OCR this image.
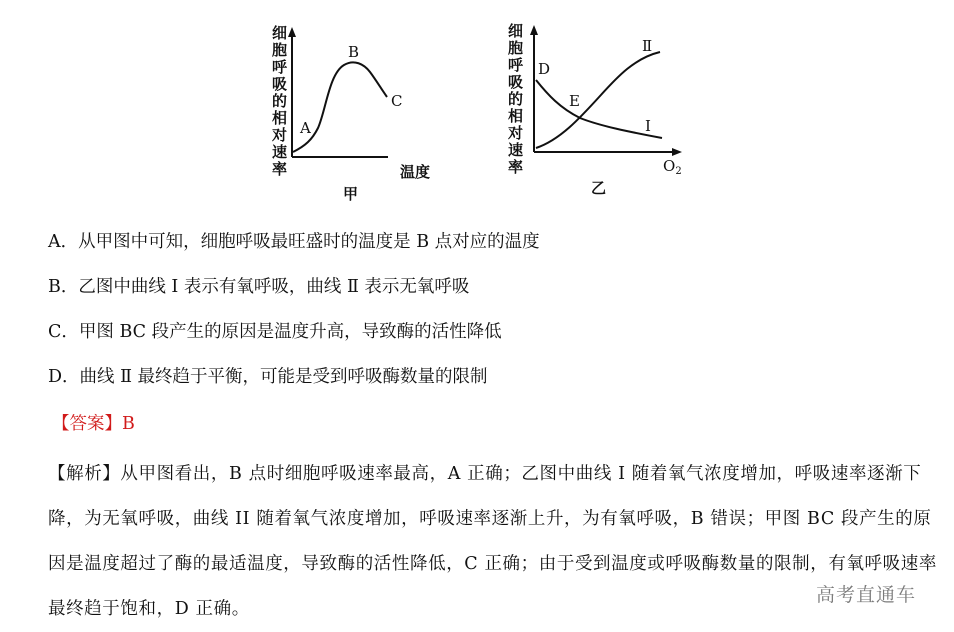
细
胞
呼
吸
的
相
对
速
率	温度
A
B
C
甲
细
胞
呼
吸
的
相
对
速
率	$O_2$
D
E
I
Ⅱ
乙
A．从甲图中可知，细胞呼吸最旺盛时的温度是 B 点对应的温度
B．乙图中曲线 I 表示有氧呼吸，曲线 Ⅱ 表示无氧呼吸
C．甲图 BC 段产生的原因是温度升高，导致酶的活性降低
D．曲线 Ⅱ 最终趋于平衡，可能是受到呼吸酶数量的限制
【答案】B
【解析】从甲图看出，B 点时细胞呼吸速率最高，A 正确；乙图中曲线 I 随着氧气浓度增加，呼吸速率逐渐下降，为无氧呼吸，曲线 II 随着氧气浓度增加，呼吸速率逐渐上升，为有氧呼吸，B 错误；甲图 BC 段产生的原因是温度超过了酶的最适温度，导致酶的活性降低，C 正确；由于受到温度或呼吸酶数量的限制，有氧呼吸速率最终趋于饱和，D 正确。
高考直通车
